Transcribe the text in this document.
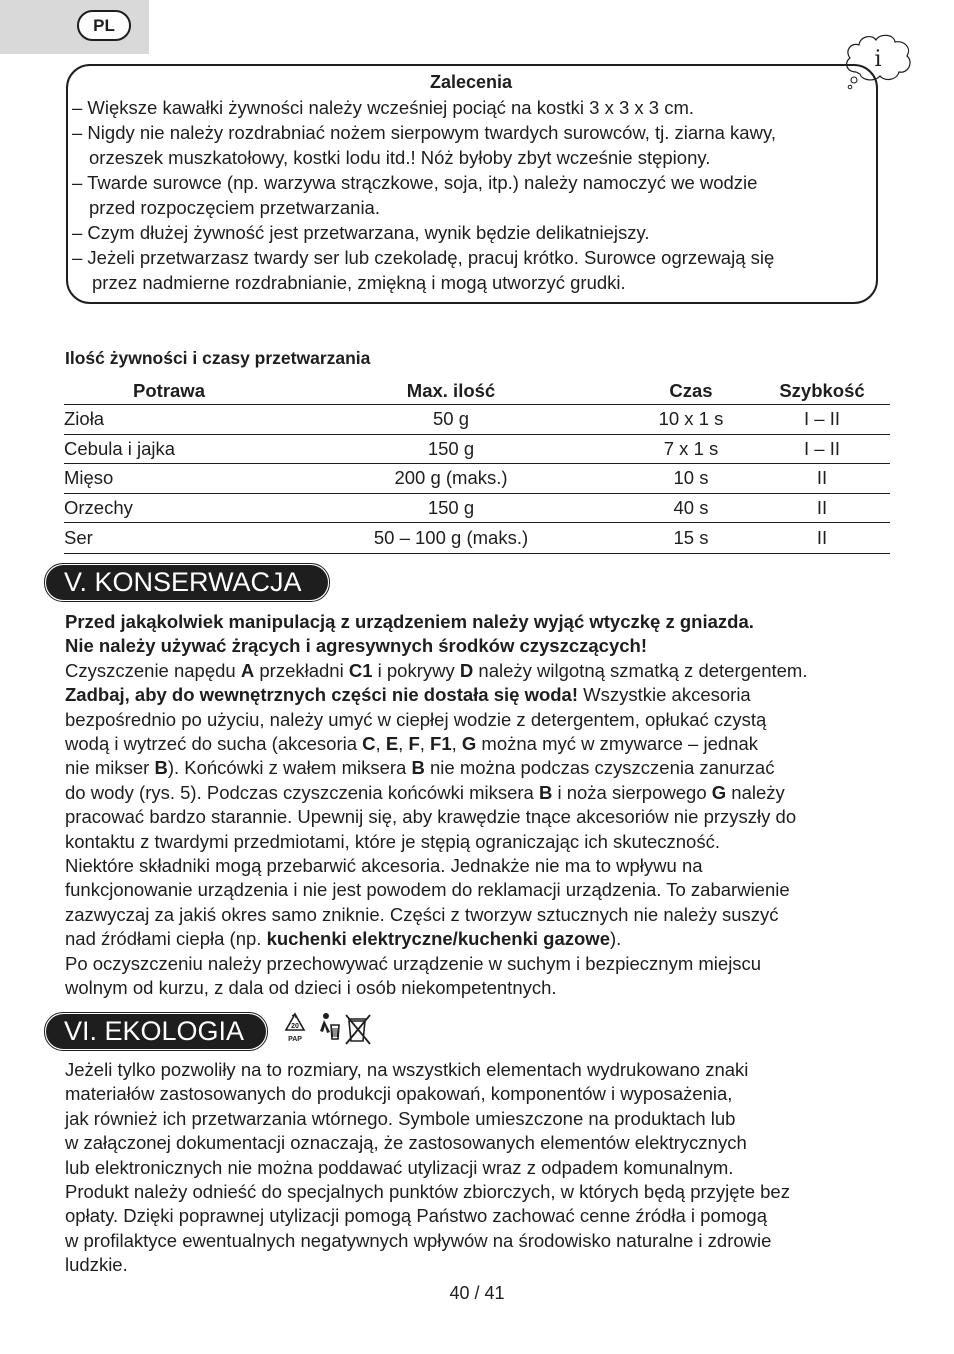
PL
i
Zalecenia
– Większe kawałki żywności należy wcześniej pociąć na kostki 3 x 3 x 3 cm.
– Nigdy nie należy rozdrabniać nożem sierpowym twardych surowców, tj. ziarna kawy,
orzeszek muszkatołowy, kostki lodu itd.! Nóż byłoby zbyt wcześnie stępiony.
– Twarde surowce (np. warzywa strączkowe, soja, itp.) należy namoczyć we wodzie
przed rozpoczęciem przetwarzania.
– Czym dłużej żywność jest przetwarzana, wynik będzie delikatniejszy.
– Jeżeli przetwarzasz twardy ser lub czekoladę, pracuj krótko. Surowce ogrzewają się
przez nadmierne rozdrabnianie, zmiękną i mogą utworzyć grudki.
Ilość żywności i czasy przetwarzania
Potrawa	Max. ilość	Czas	Szybkość
Zioła	50 g	10 x 1 s	I – II
Cebula i jajka	150 g	7 x 1 s	I – II
Mięso	200 g (maks.)	10 s	II
Orzechy	150 g	40 s	II
Ser	50 – 100 g (maks.)	15 s	II
V. KONSERWACJA
Przed jakąkolwiek manipulacją z urządzeniem należy wyjąć wtyczkę z gniazda.
Nie należy używać żrących i agresywnych środków czyszczących!
Czyszczenie napędu A przekładni C1 i pokrywy D należy wilgotną szmatką z detergentem.
Zadbaj, aby do wewnętrznych części nie dostała się woda! Wszystkie akcesoria
bezpośrednio po użyciu, należy umyć w ciepłej wodzie z detergentem, opłukać czystą
wodą i wytrzeć do sucha (akcesoria C, E, F, F1, G można myć w zmywarce – jednak
nie mikser B). Końcówki z wałem miksera B nie można podczas czyszczenia zanurzać
do wody (rys. 5). Podczas czyszczenia końcówki miksera B i noża sierpowego G należy
pracować bardzo starannie. Upewnij się, aby krawędzie tnące akcesoriów nie przyszły do
kontaktu z twardymi przedmiotami, które je stępią ograniczając ich skuteczność.
Niektóre składniki mogą przebarwić akcesoria. Jednakże nie ma to wpływu na
funkcjonowanie urządzenia i nie jest powodem do reklamacji urządzenia. To zabarwienie
zazwyczaj za jakiś okres samo zniknie. Części z tworzyw sztucznych nie należy suszyć
nad źródłami ciepła (np. kuchenki elektryczne/kuchenki gazowe).
Po oczyszczeniu należy przechowywać urządzenie w suchym i bezpiecznym miejscu
wolnym od kurzu, z dala od dzieci i osób niekompetentnych.
VI. EKOLOGIA	20
PAP
Jeżeli tylko pozwoliły na to rozmiary, na wszystkich elementach wydrukowano znaki
materiałów zastosowanych do produkcji opakowań, komponentów i wyposażenia,
jak również ich przetwarzania wtórnego. Symbole umieszczone na produktach lub
w załączonej dokumentacji oznaczają, że zastosowanych elementów elektrycznych
lub elektronicznych nie można poddawać utylizacji wraz z odpadem komunalnym.
Produkt należy odnieść do specjalnych punktów zbiorczych, w których będą przyjęte bez
opłaty. Dzięki poprawnej utylizacji pomogą Państwo zachować cenne źródła i pomogą
w profilaktyce ewentualnych negatywnych wpływów na środowisko naturalne i zdrowie
ludzkie.
40 / 41
